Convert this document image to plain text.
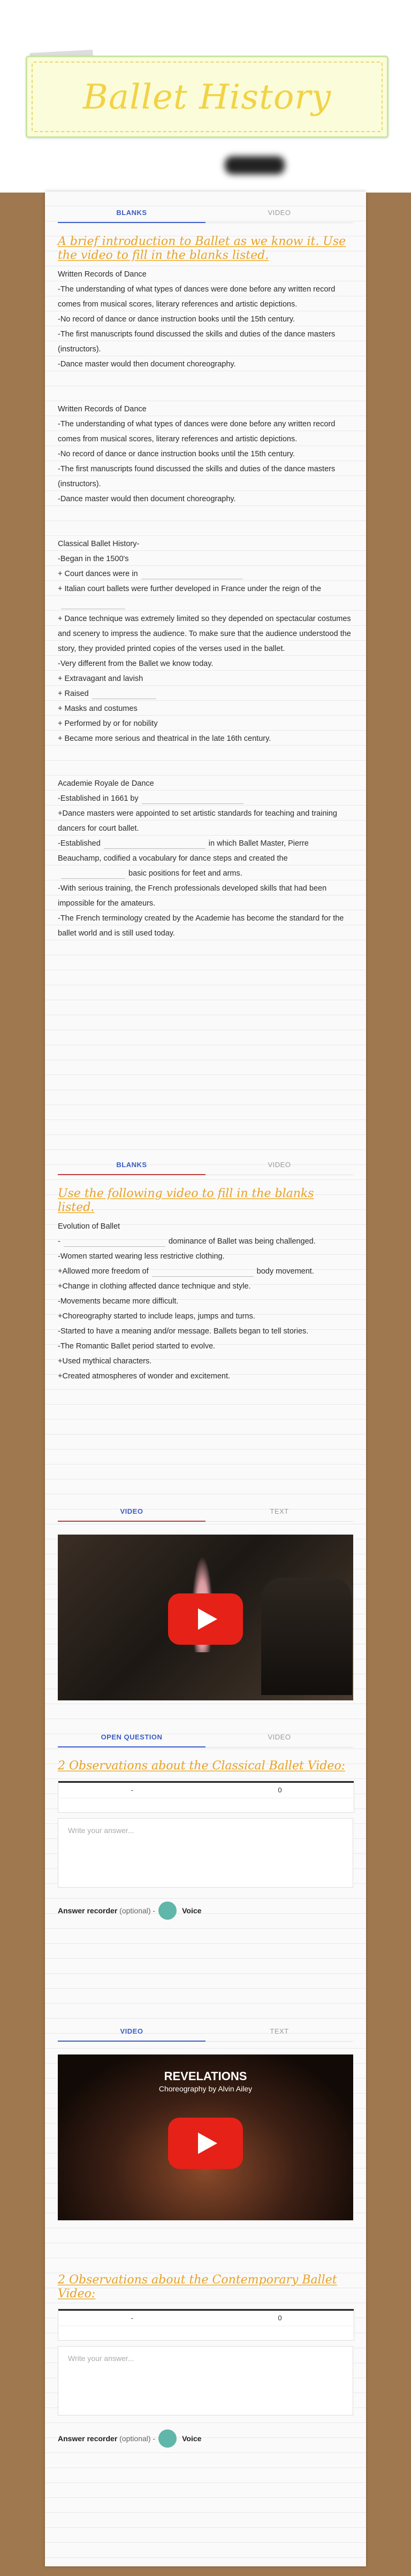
Ballet History
BLANKS	VIDEO
A brief introduction to Ballet as we know it. Use the video to fill in the blanks listed.
Written Records of Dance
-The understanding of what types of dances were done before any written record comes from musical scores, literary references and artistic depictions.
-No record of dance or dance instruction books until the 15th century.
-The first manuscripts found discussed the skills and duties of the dance masters (instructors).
-Dance master would then document choreography.
Written Records of Dance
-The understanding of what types of dances were done before any written record comes from musical scores, literary references and artistic depictions.
-No record of dance or dance instruction books until the 15th century.
-The first manuscripts found discussed the skills and duties of the dance masters (instructors).
-Dance master would then document choreography.
Classical Ballet History-
-Began in the 1500's
+ Court dances were in
+ Italian court ballets were further developed in France under the reign of the
+ Dance technique was extremely limited so they depended on spectacular costumes and scenery to impress the audience. To make sure that the audience understood the story, they provided printed copies of the verses used in the ballet.
-Very different from the Ballet we know today.
+ Extravagant and lavish
+ Raised
+ Masks and costumes
+ Performed by or for nobility
+ Became more serious and theatrical in the late 16th century.
Academie Royale de Dance
-Established in 1661 by
+Dance masters were appointed to set artistic standards for teaching and training dancers for court ballet.
-Established	in which Ballet Master, Pierre Beauchamp, codified a vocabulary for dance steps and created thebasic positions for feet and arms.
-With serious training, the French professionals developed skills that had been impossible for the amateurs.
-The French terminology created by the Academie has become the standard for the ballet world and is still used today.
BLANKS	VIDEO
Use the following video to fill in the blanks listed.
Evolution of Ballet
-	dominance of Ballet was being challenged.
-Women started wearing less restrictive clothing.
+Allowed more freedom of	body movement.
+Change in clothing affected dance technique and style.
-Movements became more difficult.
+Choreography started to include leaps, jumps and turns.
-Started to have a meaning and/or message. Ballets began to tell stories.
-The Romantic Ballet period started to evolve.
+Used mythical characters.
+Created atmospheres of wonder and excitement.
VIDEO	TEXT
OPEN QUESTION	VIDEO
2 Observations about the Classical Ballet Video:
-	0
Write your answer...
Answer recorder (optional) -	Voice
VIDEO	TEXT
REVELATIONS
Choreography by Alvin Ailey
2 Observations about the Contemporary Ballet Video:
-	0
Write your answer...
Answer recorder (optional) -	Voice
